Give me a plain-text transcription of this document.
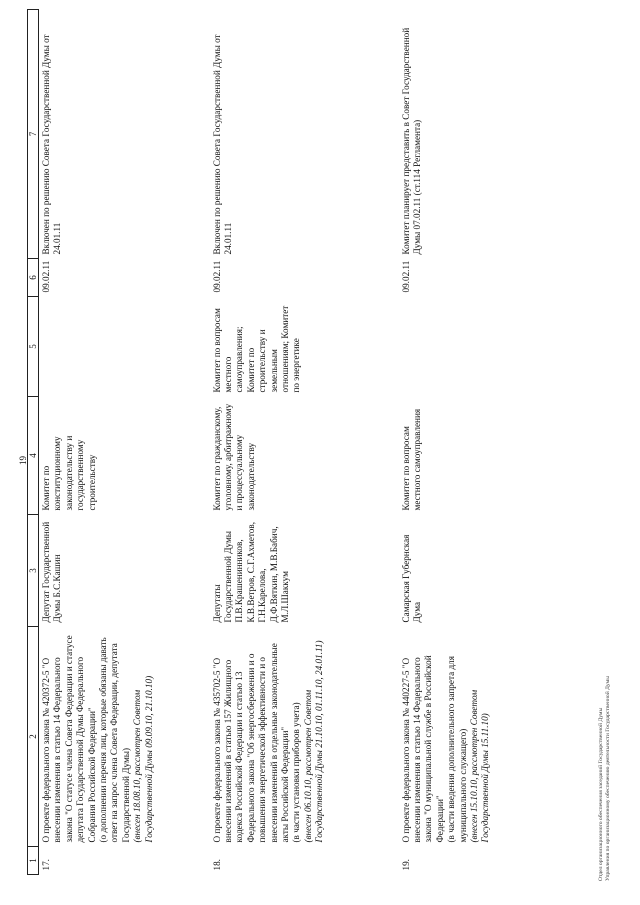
19
1	2	3	4	5	6	7
17.	О проекте федерального закона № 420372-5 "О внесении изменения в статью 14 Федерального закона "О статусе члена Совета Федерации и статусе депутата Государственной Думы Федерального Собрания Российской Федерации" (о дополнении перечня лиц, которые обязаны давать ответ на запрос члена Совета Федерации, депутата Государственной Думы) (внесен 18.08.10, рассмотрен Советом Государственной Думы 09.09.10, 21.10.10)	Депутат Государственной Думы Б.С.Кашин	Комитет по конституционному законодательству и государственному строительству		09.02.11	Включен по решению Совета Государственной Думы от 24.01.11
18.	О проекте федерального закона № 435702-5 "О внесении изменений в статью 157 Жилищного кодекса Российской Федерации и статью 13 Федерального закона "Об энергосбережении и о повышении энергетической эффективности и о внесении изменений в отдельные законодательные акты Российской Федерации" (в части установки приборов учета) (внесен 06.10.10, рассмотрен Советом Государственной Думы 21.10.10, 01.11.10, 24.01.11)	Депутаты Государственной Думы П.В.Крашенинников, К.В.Ветров, С.Г.Ахметов, Г.Н.Карелова, Д.Ф.Вяткин, М.В.Бабич, М.Л.Шаккум	Комитет по гражданскому, уголовному, арбитражному и процессуальному законодательству	Комитет по вопросам местного самоуправления; Комитет по строительству и земельным отношениям; Комитет по энергетике	09.02.11	Включен по решению Совета Государственной Думы от 24.01.11
19.	О проекте федерального закона № 440227-5 "О внесении изменения в статью 14 Федерального закона "О муниципальной службе в Российской Федерации" (в части введения дополнительного запрета для муниципального служащего) (внесен 15.10.10, рассмотрен Советом Государственной Думы 15.11.10)	Самарская Губернская Дума	Комитет по вопросам местного самоуправления		09.02.11	Комитет планирует представить в Совет Государственной Думы 07.02.11 (ст.114 Регламента)
Отдел организационного обеспечения заседаний Государственной Думы Управления по организационному обеспечению деятельности Государственной Думы
